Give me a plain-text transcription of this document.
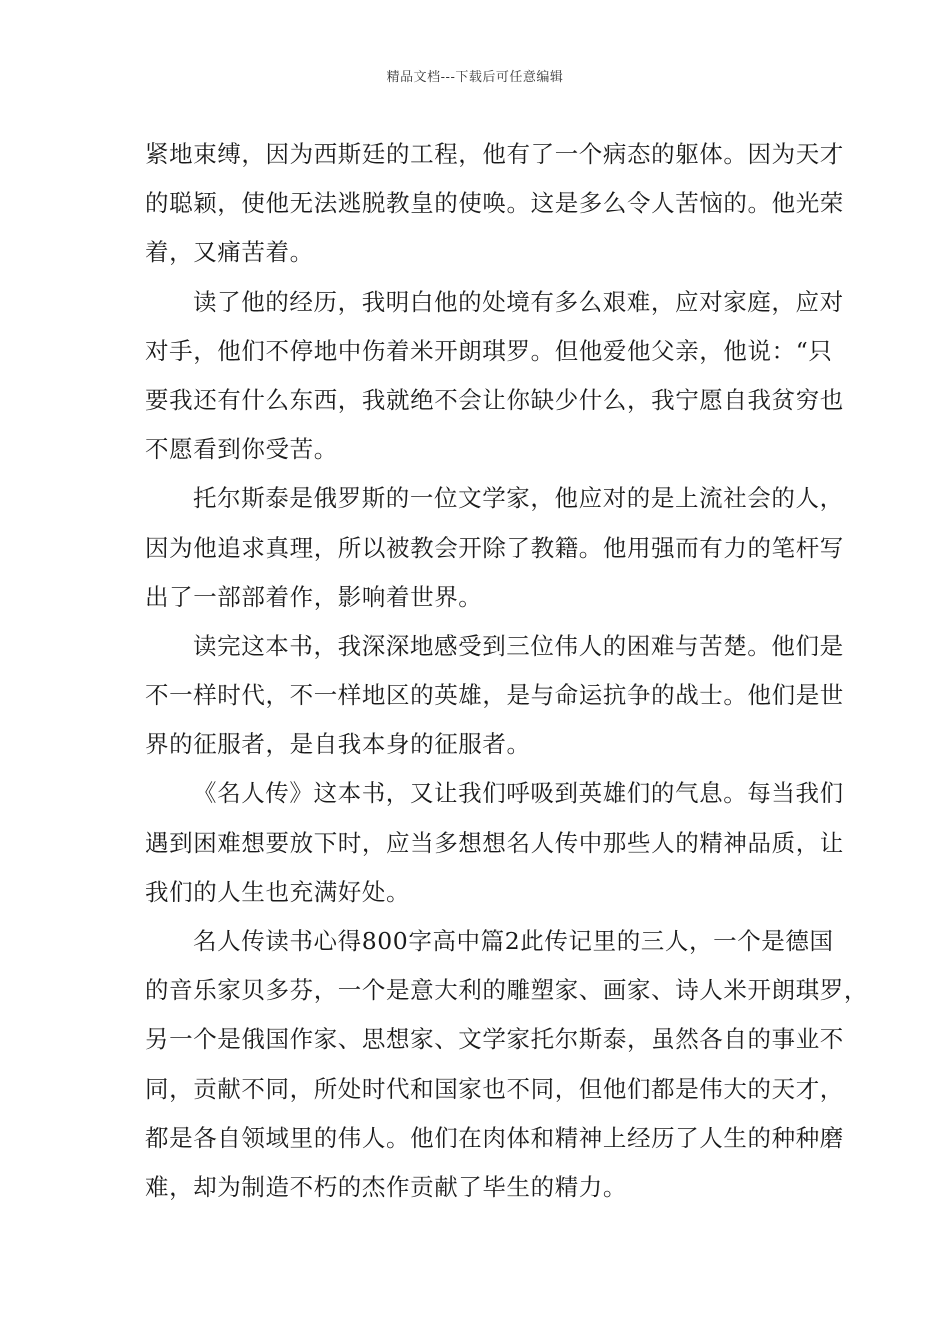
精品文档---下载后可任意编辑
紧地束缚，因为西斯廷的工程，他有了一个病态的躯体。因为天才
的聪颖，使他无法逃脱教皇的使唤。这是多么令人苦恼的。他光荣
着，又痛苦着。
读了他的经历，我明白他的处境有多么艰难，应对家庭，应对
对手，他们不停地中伤着米开朗琪罗。但他爱他父亲，他说：“只
要我还有什么东西，我就绝不会让你缺少什么，我宁愿自我贫穷也
不愿看到你受苦。
托尔斯泰是俄罗斯的一位文学家，他应对的是上流社会的人，
因为他追求真理，所以被教会开除了教籍。他用强而有力的笔杆写
出了一部部着作，影响着世界。
读完这本书，我深深地感受到三位伟人的困难与苦楚。他们是
不一样时代，不一样地区的英雄，是与命运抗争的战士。他们是世
界的征服者，是自我本身的征服者。
《名人传》这本书，又让我们呼吸到英雄们的气息。每当我们
遇到困难想要放下时，应当多想想名人传中那些人的精神品质，让
我们的人生也充满好处。
名人传读书心得800字高中篇2此传记里的三人，一个是德国
的音乐家贝多芬，一个是意大利的雕塑家、画家、诗人米开朗琪罗，
另一个是俄国作家、思想家、文学家托尔斯泰，虽然各自的事业不
同，贡献不同，所处时代和国家也不同，但他们都是伟大的天才，
都是各自领域里的伟人。他们在肉体和精神上经历了人生的种种磨
难，却为制造不朽的杰作贡献了毕生的精力。
